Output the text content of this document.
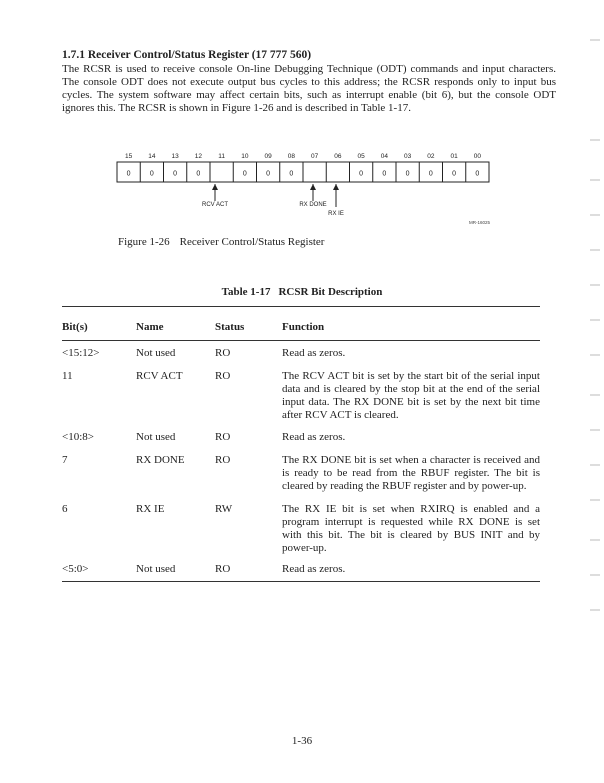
1.7.1 Receiver Control/Status Register (17 777 560)

The RCSR is used to receive console On-line Debugging Technique (ODT) commands and input characters. The console ODT does not execute output bus cycles to this address; the RCSR responds only to input bus cycles. The system software may affect certain bits, such as interrupt enable (bit 6), but the console ODT ignores this. The RCSR is shown in Figure 1-26 and is described in Table 1-17.

15 14 13 12	11	10 09 08 07 06 05 04 03 02 01 00
0	0	0	0	0	0	0	0	0	0	0	0	0
RCV ACT	RX DONE
RX IE
MR-16025

Figure 1-26 Receiver Control/Status Register

Table 1-17 RCSR Bit Description

Bit(s)	Name	Status	Function
<15:12>	Not used	RO	Read as zeros.
11	RCV ACT	RO	The RCV ACT bit is set by the start bit of the serial input data and is cleared by the stop bit at the end of the serial input data. The RX DONE bit is set by the next bit time after RCV ACT is cleared.
<10:8>	Not used	RO	Read as zeros.
7	RX DONE	RO	The RX DONE bit is set when a character is received and is ready to be read from the RBUF register. The bit is cleared by reading the RBUF register and by power-up.
6	RX IE	RW	The RX IE bit is set when RXIRQ is enabled and a program interrupt is requested while RX DONE is set with this bit. The bit is cleared by BUS INIT and by power-up.
<5:0>	Not used	RO	Read as zeros.
1-36
